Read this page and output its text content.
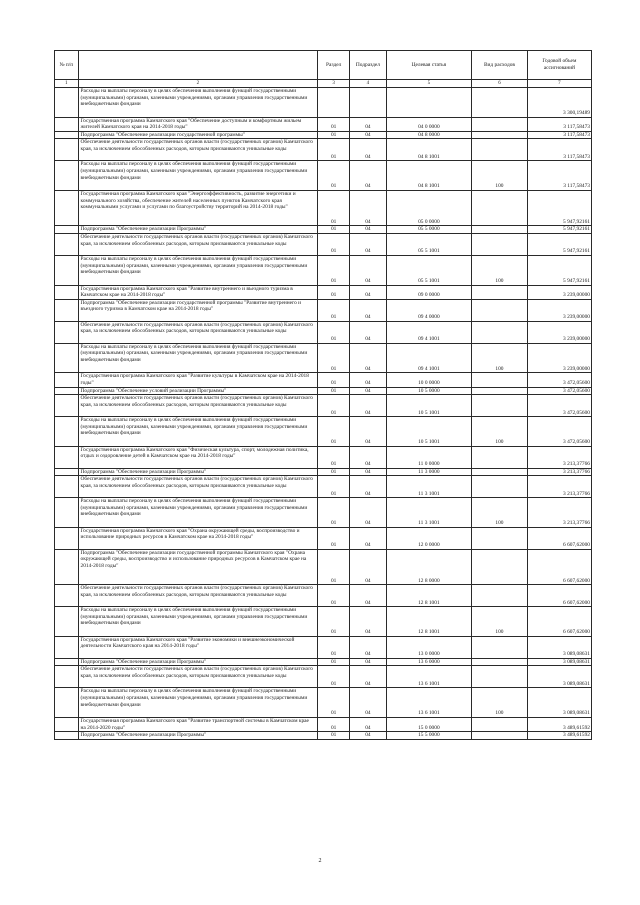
№ п/п		Раздел	Подраздел	Целевая статья	Вид расходов	Годовой объем ассигнований
1	2	3	4	5	6	7
	Расходы на выплаты персоналу в целях обеспечения выполнения функций государственными (муниципальными) органами, казенными учреждениями, органами управления государственными внебюджетными фондами					3 300,19489
	Государственная программа Камчатского края "Обеспечение доступным и комфортным жильем жителей Камчатского края на 2014-2018 годы"	01	04	04 0 0000		3 117,58473
	Подпрограмма "Обеспечение реализации государственной программы"	01	04	04 8 0000		3 117,58473
	Обеспечение деятельности государственных органов власти (государственных органов) Камчатского края, за исключением обособленных расходов, которым присваиваются уникальные коды	01	04	04 8 1001		3 117,58473
	Расходы на выплаты персоналу в целях обеспечения выполнения функций государственными (муниципальными) органами, казенными учреждениями, органами управления государственными внебюджетными фондами	01	04	04 8 1001	100	3 117,58473
	Государственная программа Камчатского края "Энергоэффективность, развитие энергетики и коммунального хозяйства, обеспечение жителей населенных пунктов Камчатского края коммунальными услугами и услугами по благоустройству территорий на 2014-2018 годы"	01	04	05 0 0000		5 947,92161
	Подпрограмма "Обеспечение реализации Программы"	01	04	05 5 0000		5 947,92161
	Обеспечение деятельности государственных органов власти (государственных органов) Камчатского края, за исключением обособленных расходов, которым присваиваются уникальные коды	01	04	05 5 1001		5 947,92161
	Расходы на выплаты персоналу в целях обеспечения выполнения функций государственными (муниципальными) органами, казенными учреждениями, органами управления государственными внебюджетными фондами	01	04	05 5 1001	100	5 947,92161
	Государственная программа Камчатского края "Развитие внутреннего и въездного туризма в Камчатском крае на 2014-2018 годы"	01	04	09 0 0000		3 239,00000
	Подпрограмма "Обеспечение реализации государственной программы "Развитие внутреннего и въездного туризма в Камчатском крае на 2014-2018 годы"	01	04	09 4 0000		3 239,00000
	Обеспечение деятельности государственных органов власти (государственных органов) Камчатского края, за исключением обособленных расходов, которым присваиваются уникальные коды	01	04	09 4 1001		3 239,00000
	Расходы на выплаты персоналу в целях обеспечения выполнения функций государственными (муниципальными) органами, казенными учреждениями, органами управления государственными внебюджетными фондами	01	04	09 4 1001	100	3 239,00000
	Государственная программа Камчатского края "Развитие культуры в Камчатском крае на 2014-2018 годы"	01	04	10 0 0000		3 472,05600
	Подпрограмма "Обеспечение условий реализации Программы"	01	04	10 5 0000		3 472,05600
	Обеспечение деятельности государственных органов власти (государственных органов) Камчатского края, за исключением обособленных расходов, которым присваиваются уникальные коды	01	04	10 5 1001		3 472,05600
	Расходы на выплаты персоналу в целях обеспечения выполнения функций государственными (муниципальными) органами, казенными учреждениями, органами управления государственными внебюджетными фондами	01	04	10 5 1001	100	3 472,05600
	Государственная программа Камчатского края "Физическая культура, спорт, молодежная политика, отдых и оздоровление детей в Камчатском крае на 2014-2018 годы"	01	04	11 0 0000		3 213,37766
	Подпрограмма "Обеспечение реализации Программы"	01	04	11 3 0000		3 213,37766
	Обеспечение деятельности государственных органов власти (государственных органов) Камчатского края, за исключением обособленных расходов, которым присваиваются уникальные коды	01	04	11 3 1001		3 213,37766
	Расходы на выплаты персоналу в целях обеспечения выполнения функций государственными (муниципальными) органами, казенными учреждениями, органами управления государственными внебюджетными фондами	01	04	11 3 1001	100	3 213,37766
	Государственная программа Камчатского края "Охрана окружающей среды, воспроизводство и использование природных ресурсов в Камчатском крае на 2014-2018 годы"	01	04	12 0 0000		6 607,62000
	Подпрограмма "Обеспечение реализации государственной программы Камчатского края "Охрана окружающей среды, воспроизводство и использование природных ресурсов в Камчатском крае на 2014-2018 годы"	01	04	12 8 0000		6 607,62000
	Обеспечение деятельности государственных органов власти (государственных органов) Камчатского края, за исключением обособленных расходов, которым присваиваются уникальные коды	01	04	12 8 1001		6 607,62000
	Расходы на выплаты персоналу в целях обеспечения выполнения функций государственными (муниципальными) органами, казенными учреждениями, органами управления государственными внебюджетными фондами	01	04	12 8 1001	100	6 607,62000
	Государственная программа Камчатского края "Развитие экономики и внешнеэкономической деятельности Камчатского края на 2014-2018 годы"	01	04	13 0 0000		3 089,08631
	Подпрограмма "Обеспечение реализации Программы"	01	04	13 6 0000		3 089,08631
	Обеспечение деятельности государственных органов власти (государственных органов) Камчатского края, за исключением обособленных расходов, которым присваиваются уникальные коды	01	04	13 6 1001		3 089,08631
	Расходы на выплаты персоналу в целях обеспечения выполнения функций государственными (муниципальными) органами, казенными учреждениями, органами управления государственными внебюджетными фондами	01	04	13 6 1001	100	3 089,08631
	Государственная программа Камчатского края "Развитие транспортной системы в Камчатском крае на 2014-2020 годы"	01	04	15 0 0000		3 489,61592
	Подпрограмма "Обеспечение реализации Программы"	01	04	15 5 0000		3 489,61592
2
